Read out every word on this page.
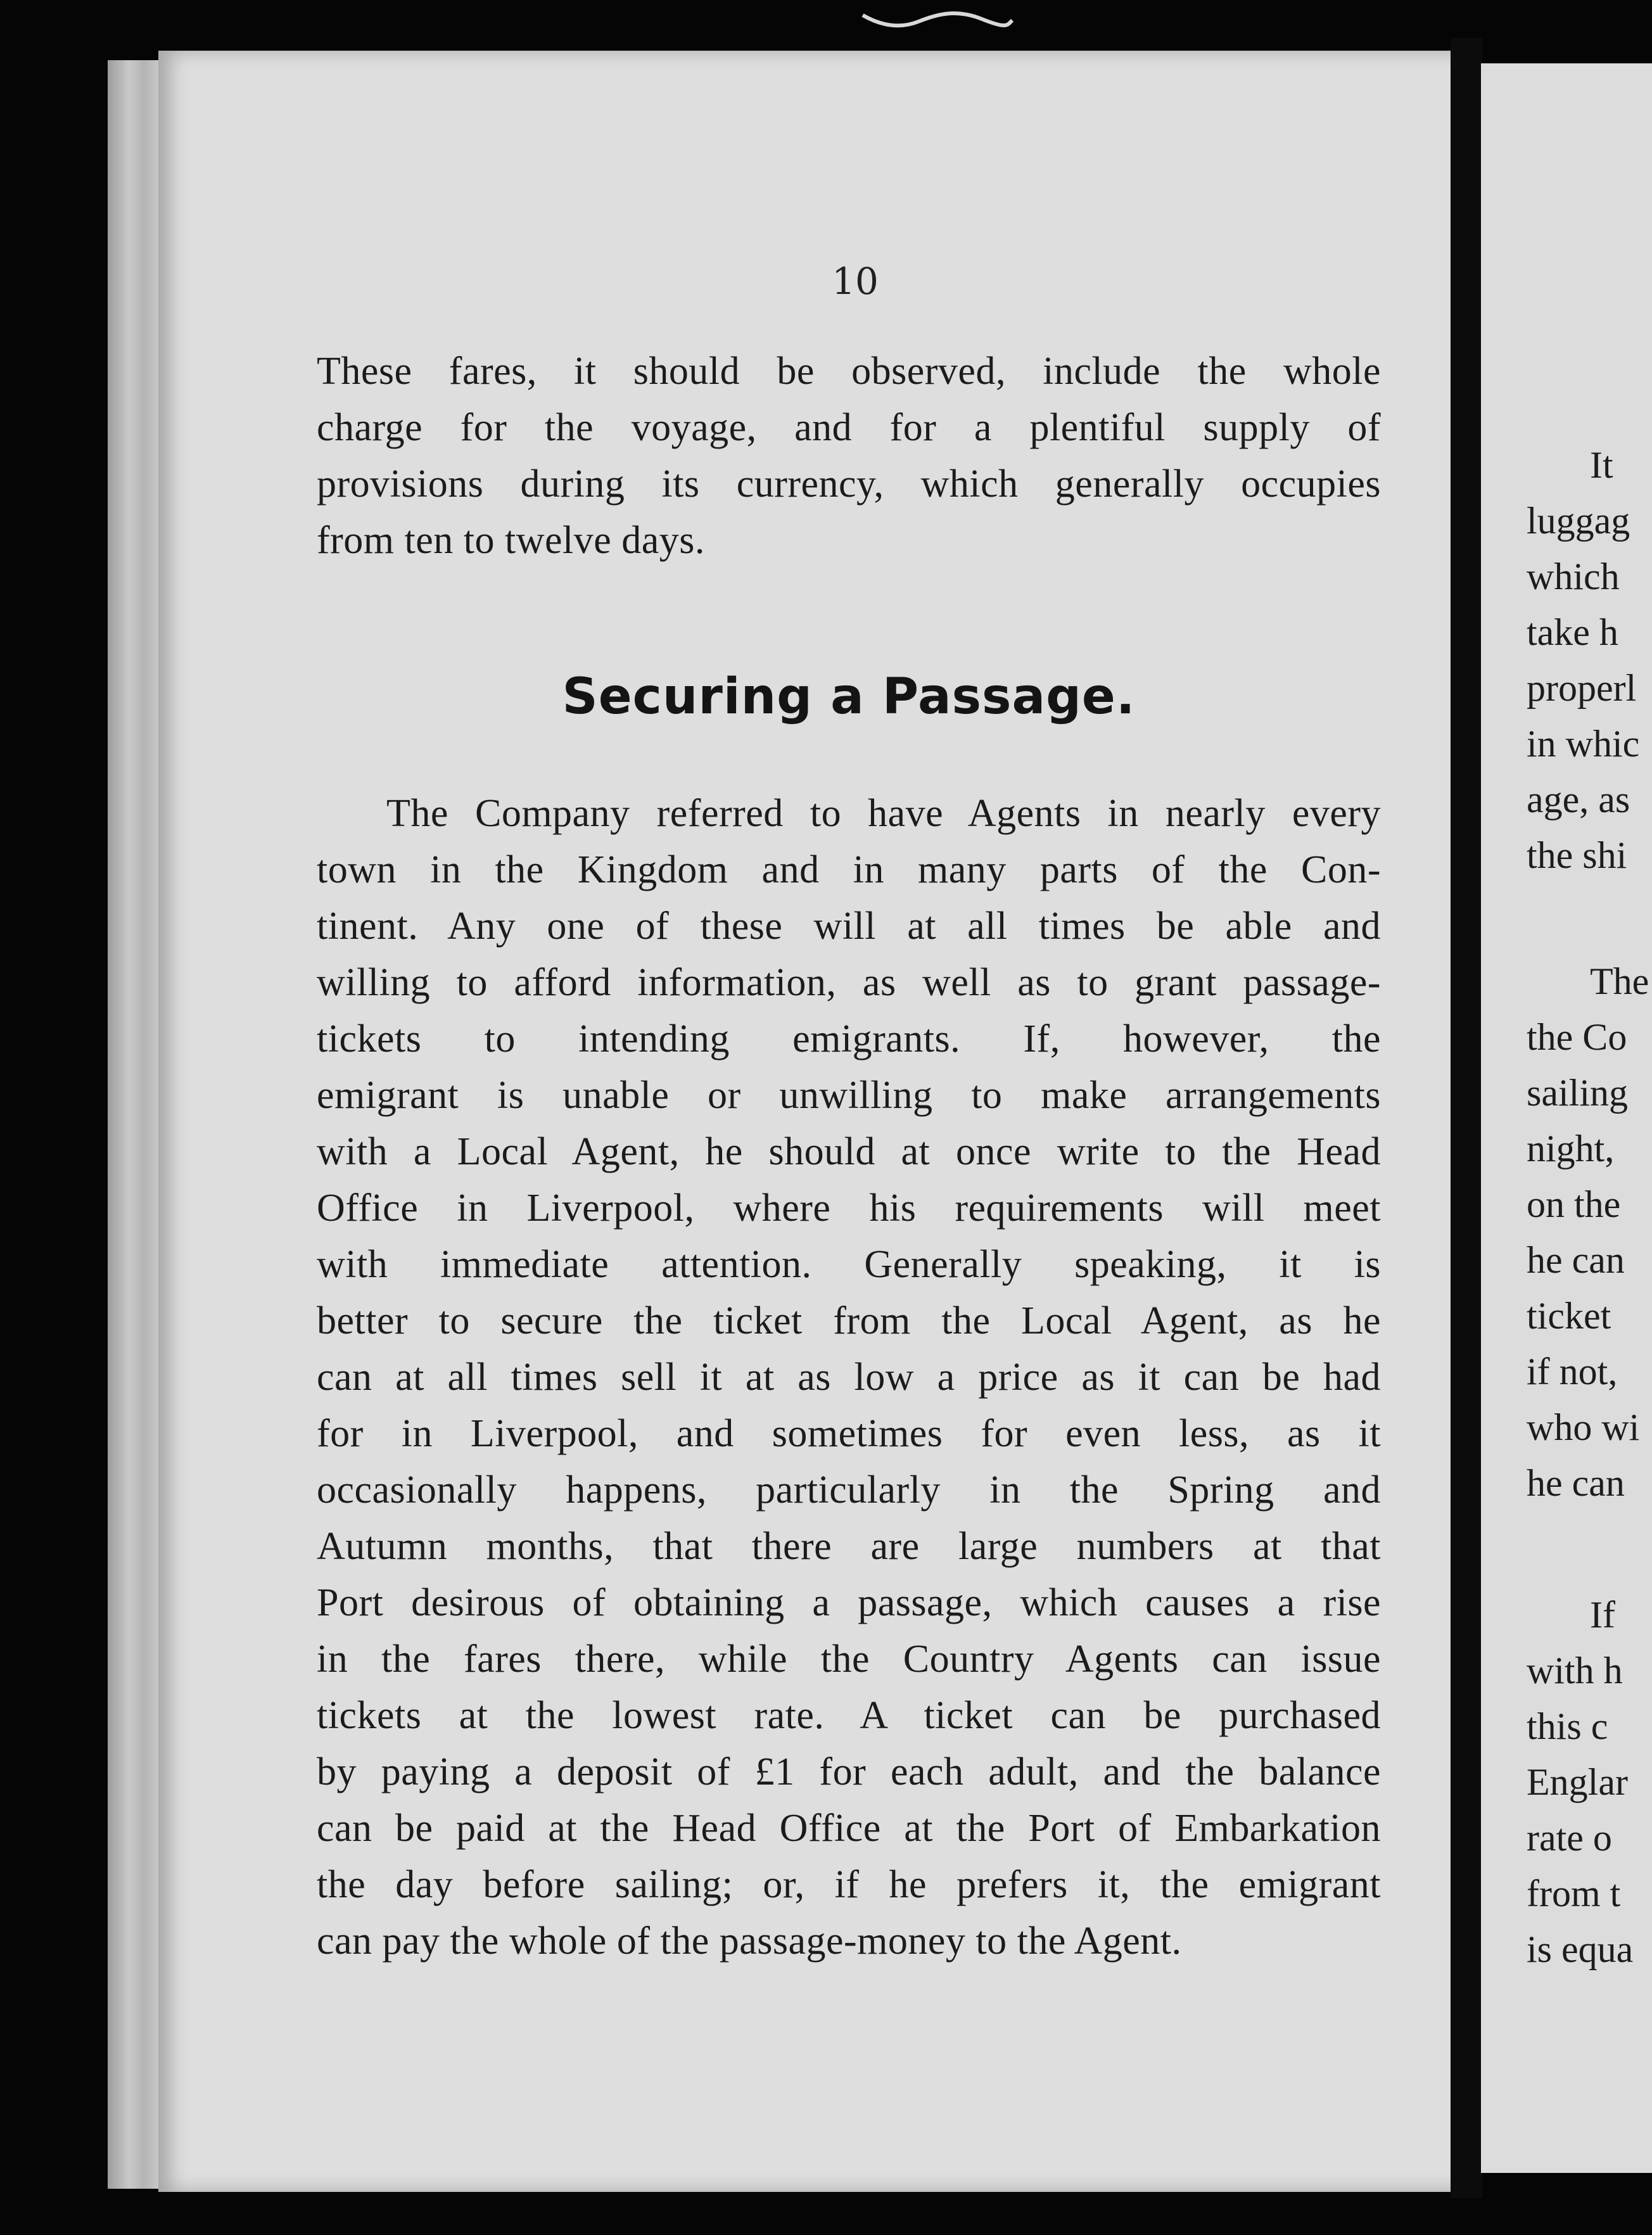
10
These fares, it should be observed, include the whole
charge for the voyage, and for a plentiful supply of
provisions during its currency, which generally occupies
from ten to twelve days.
Securing a Passage.
The Company referred to have Agents in nearly every
town in the Kingdom and in many parts of the Con-
tinent. Any one of these will at all times be able and
willing to afford information, as well as to grant passage-
tickets to intending emigrants. If, however, the
emigrant is unable or unwilling to make arrangements
with a Local Agent, he should at once write to the Head
Office in Liverpool, where his requirements will meet
with immediate attention. Generally speaking, it is
better to secure the ticket from the Local Agent, as he
can at all times sell it at as low a price as it can be had
for in Liverpool, and sometimes for even less, as it
occasionally happens, particularly in the Spring and
Autumn months, that there are large numbers at that
Port desirous of obtaining a passage, which causes a rise
in the fares there, while the Country Agents can issue
tickets at the lowest rate. A ticket can be purchased
by paying a deposit of £1 for each adult, and the balance
can be paid at the Head Office at the Port of Embarkation
the day before sailing; or, if he prefers it, the emigrant
can pay the whole of the passage-money to the Agent.
It
luggag
which
take h
properl
in whic
age, as
the shi
The
the Co
sailing
night,
on the
he can
ticket
if not,
who wi
he can
If
with h
this c
Englar
rate o
from t
is equa
